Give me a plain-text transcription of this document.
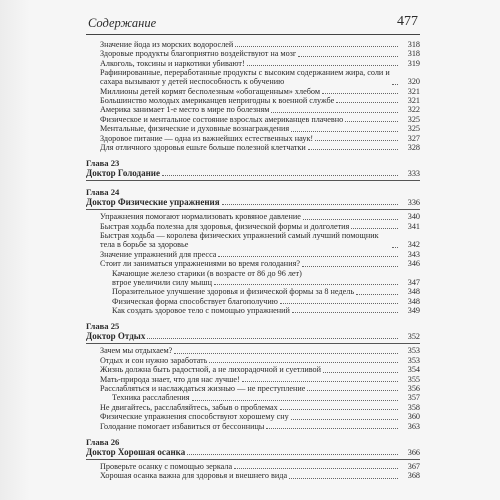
Содержание	477
Значение йода из морских водорослей	318
Здоровые продукты благоприятно воздействуют на мозг	318
Алкоголь, токсины и наркотики убивают!	319
Рафинированные, переработанные продукты с высоким содержанием жира, соли и сахара вызывают у детей неспособность к обучению	320
Миллионы детей кормят бесполезным «обогащенным» хлебом	321
Большинство молодых американцев непригодны к военной службе	321
Америка занимает 1-е место в мире по болезням	322
Физическое и ментальное состояние взрослых американцев плачевно	325
Ментальные, физические и духовные вознаграждения	325
Здоровое питание — одна из важнейших естественных наук!	327
Для отличного здоровья ешьте больше полезной клетчатки	328
Глава 23
Доктор Голодание	333
Глава 24
Доктор Физические упражнения	336
Упражнения помогают нормализовать кровяное давление	340
Быстрая ходьба полезна для здоровья, физической формы и долголетия	341
Быстрая ходьба — королева физических упражнений самый лучший помощник тела в борьбе за здоровье	342
Значение упражнений для пресса	343
Стоит ли заниматься упражнениями во время голодания?	346
Качающие железо старики (в возрасте от 86 до 96 лет)
втрое увеличили силу мышц	347
Поразительное улучшение здоровья и физической формы за 8 недель	348
Физическая форма способствует благополучию	348
Как создать здоровое тело с помощью упражнений	349
Глава 25
Доктор Отдых	352
Зачем мы отдыхаем?	353
Отдых и сон нужно заработать	353
Жизнь должна быть радостной, а не лихорадочной и суетливой	354
Мать-природа знает, что для нас лучше!	355
Расслабляться и наслаждаться жизнью — не преступление	356
Техника расслабления	357
Не двигайтесь, расслабляйтесь, забыв о проблемах	358
Физические упражнения способствуют хорошему сну	360
Голодание помогает избавиться от бессонницы	363
Глава 26
Доктор Хорошая осанка	366
Проверьте осанку с помощью зеркала	367
Хорошая осанка важна для здоровья и внешнего вида	368
